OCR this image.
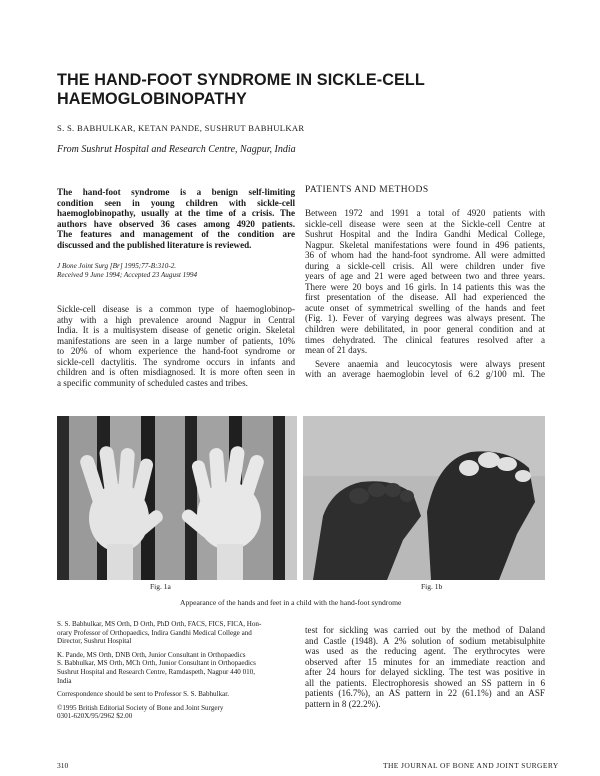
THE HAND-FOOT SYNDROME IN SICKLE-CELL
HAEMOGLOBINOPATHY
S. S. BABHULKAR, KETAN PANDE, SUSHRUT BABHULKAR
From Sushrut Hospital and Research Centre, Nagpur, India
The hand-foot syndrome is a benign self-limiting
condition seen in young children with sickle-cell
haemoglobinopathy, usually at the time of a crisis. The
authors have observed 36 cases among 4920 patients.
The features and management of the condition are
discussed and the published literature is reviewed.
J Bone Joint Surg [Br] 1995;77-B:310-2.
Received 9 June 1994; Accepted 23 August 1994
Sickle-cell disease is a common type of haemoglobinop-
athy with a high prevalence around Nagpur in Central
India. It is a multisystem disease of genetic origin. Skeletal
manifestations are seen in a large number of patients, 10%
to 20% of whom experience the hand-foot syndrome or
sickle-cell dactylitis. The syndrome occurs in infants and
children and is often misdiagnosed. It is more often seen in
a specific community of scheduled castes and tribes.
PATIENTS AND METHODS
Between 1972 and 1991 a total of 4920 patients with
sickle-cell disease were seen at the Sickle-cell Centre at
Sushrut Hospital and the Indira Gandhi Medical College,
Nagpur. Skeletal manifestations were found in 496 patients,
36 of whom had the hand-foot syndrome. All were admitted
during a sickle-cell crisis. All were children under five
years of age and 21 were aged between two and three years.
There were 20 boys and 16 girls. In 14 patients this was the
first presentation of the disease. All had experienced the
acute onset of symmetrical swelling of the hands and feet
(Fig. 1). Fever of varying degrees was always present. The
children were debilitated, in poor general condition and at
times dehydrated. The clinical features resolved after a
mean of 21 days.
Severe anaemia and leucocytosis were always present
with an average haemoglobin level of 6.2 g/100 ml. The
Fig. 1a	Fig. 1b
Appearance of the hands and feet in a child with the hand-foot syndrome
S. S. Babhulkar, MS Orth, D Orth, PhD Orth, FACS, FICS, FICA, Hon-
orary Professor of Orthopaedics, Indira Gandhi Medical College and
Director, Sushrut Hospital
K. Pande, MS Orth, DNB Orth, Junior Consultant in Orthopaedics
S. Babhulkar, MS Orth, MCh Orth, Junior Consultant in Orthopaedics
Sushrut Hospital and Research Centre, Ramdaspeth, Nagpur 440 010,
India
Correspondence should be sent to Professor S. S. Babhulkar.
©1995 British Editorial Society of Bone and Joint Surgery
0301-620X/95/2962 $2.00
test for sickling was carried out by the method of Daland
and Castle (1948). A 2% solution of sodium metabisulphite
was used as the reducing agent. The erythrocytes were
observed after 15 minutes for an immediate reaction and
after 24 hours for delayed sickling. The test was positive in
all the patients. Electrophoresis showed an SS pattern in 6
patients (16.7%), an AS pattern in 22 (61.1%) and an ASF
pattern in 8 (22.2%).
310	THE JOURNAL OF BONE AND JOINT SURGERY
